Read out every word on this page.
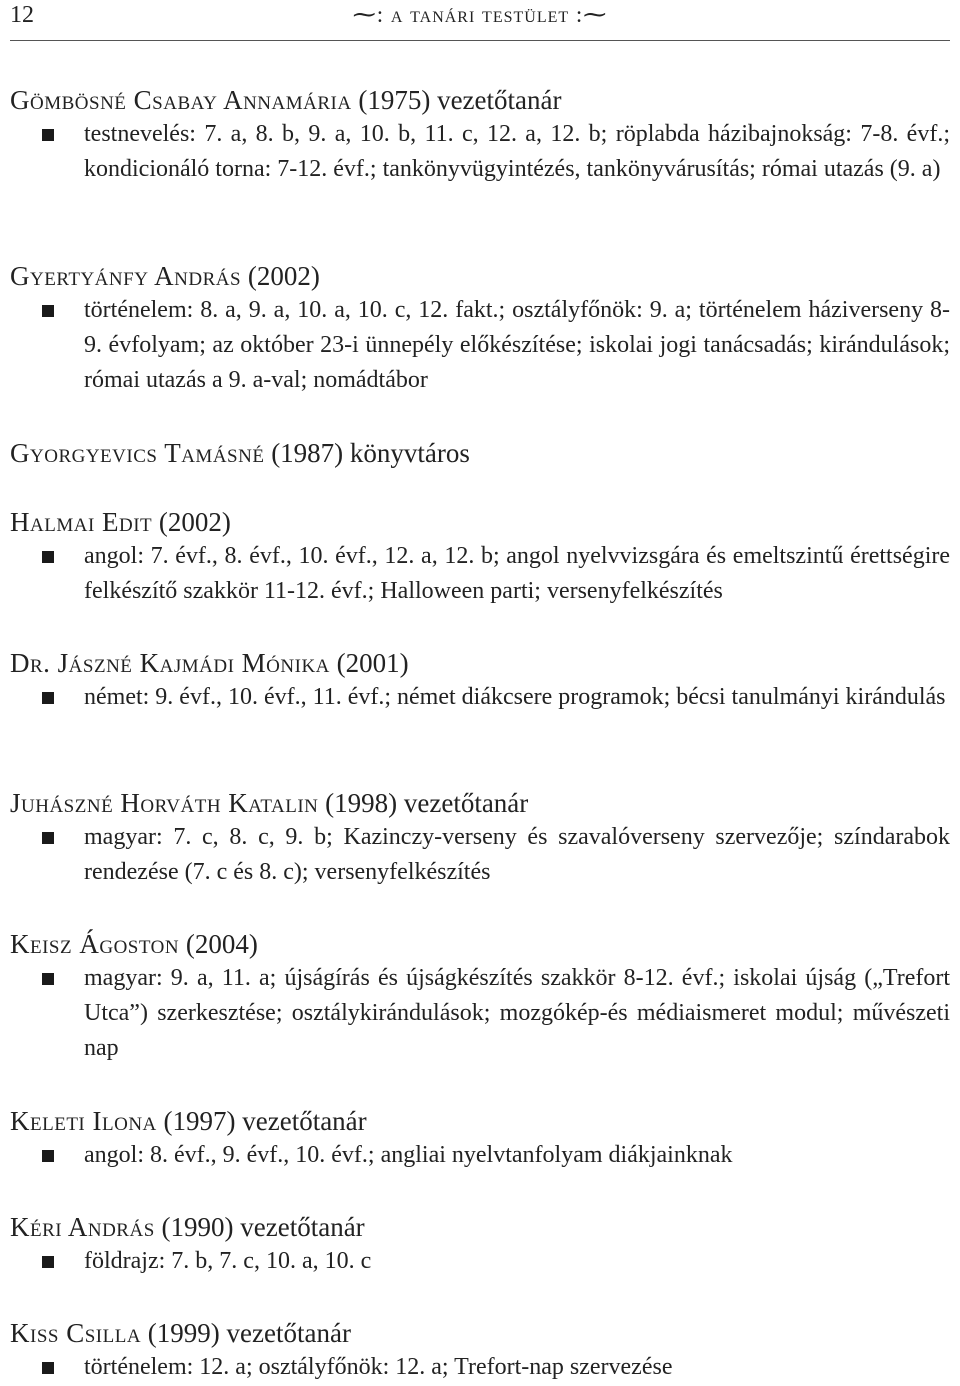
12	⁓: a tanári testület :⁓
Gömbösné Csabay Annamária (1975) vezetőtanár
testnevelés: 7. a, 8. b, 9. a, 10. b, 11. c, 12. a, 12. b; röplabda házibajnokság: 7-8. évf.; kondicionáló torna: 7-12. évf.; tankönyvügyintézés, tankönyvárusítás; római utazás (9. a)
Gyertyánfy András (2002)
történelem: 8. a, 9. a, 10. a, 10. c, 12. fakt.; osztályfőnök: 9. a; történelem háziverseny 8-9. évfolyam; az október 23-i ünnepély előkészítése; iskolai jogi tanácsadás; kirándulások; római utazás a 9. a-val; nomádtábor
Gyorgyevics Tamásné (1987) könyvtáros
Halmai Edit (2002)
angol: 7. évf., 8. évf., 10. évf., 12. a, 12. b; angol nyelvvizsgára és emeltszintű érettségire felkészítő szakkör 11-12. évf.; Halloween parti; versenyfelkészítés
Dr. Jászné Kajmádi Mónika (2001)
német: 9. évf., 10. évf., 11. évf.; német diákcsere programok; bécsi tanulmányi kirándulás
Juhászné Horváth Katalin (1998) vezetőtanár
magyar: 7. c, 8. c, 9. b; Kazinczy-verseny és szavalóverseny szervezője; színdarabok rendezése (7. c és 8. c); versenyfelkészítés
Keisz Ágoston (2004)
magyar: 9. a, 11. a; újságírás és újságkészítés szakkör 8-12. évf.; iskolai újság („Trefort Utca”) szerkesztése; osztálykirándulások; mozgókép-és médiaismeret modul; művészeti nap
Keleti Ilona (1997) vezetőtanár
angol: 8. évf., 9. évf., 10. évf.; angliai nyelvtanfolyam diákjainknak
Kéri András (1990) vezetőtanár
földrajz: 7. b, 7. c, 10. a, 10. c
Kiss Csilla (1999) vezetőtanár
történelem: 12. a; osztályfőnök: 12. a; Trefort-nap szervezése
